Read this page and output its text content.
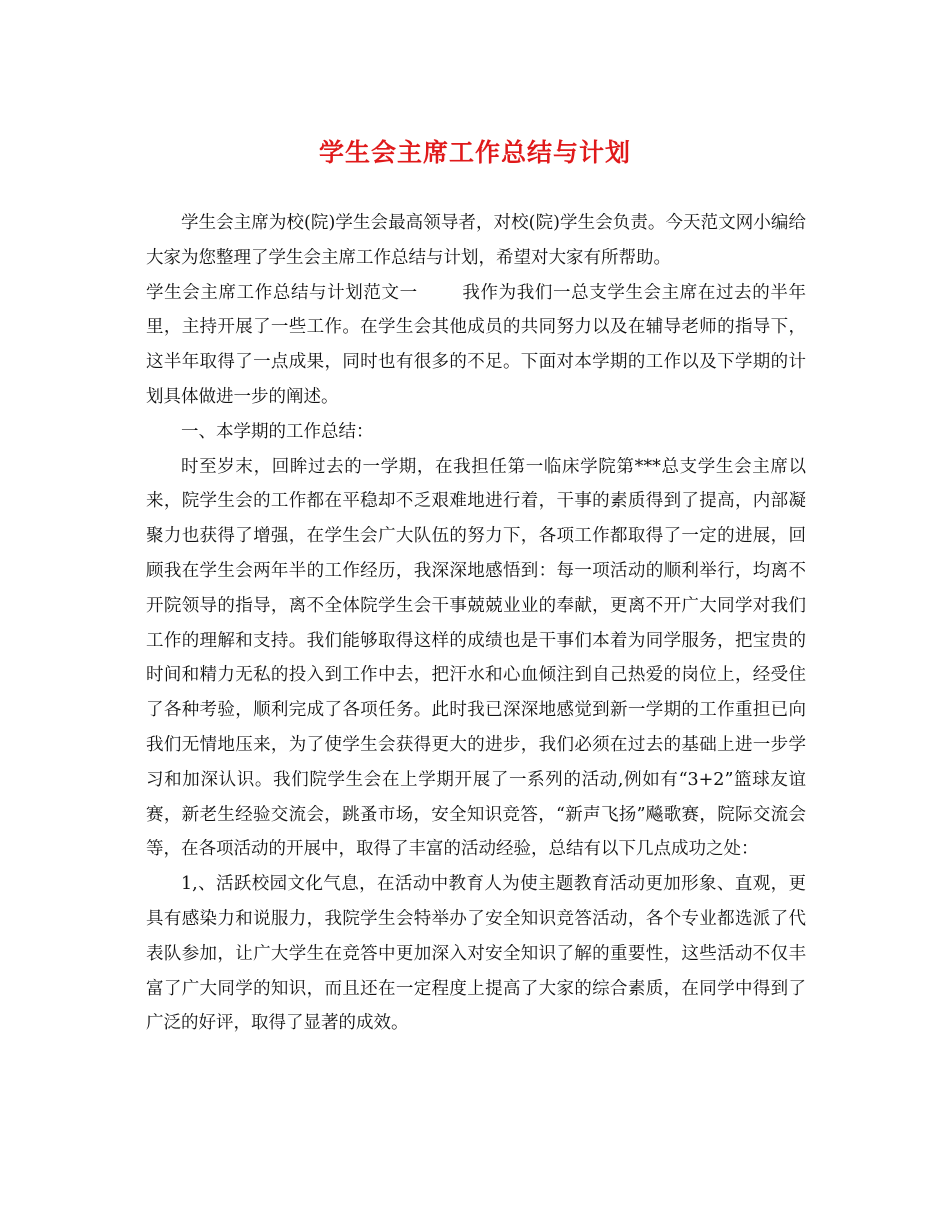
学生会主席工作总结与计划

学生会主席为校(院)学生会最高领导者，对校(院)学生会负责。今天范文网小编给大家为您整理了学生会主席工作总结与计划，希望对大家有所帮助。

学生会主席工作总结与计划范文一	我作为我们一总支学生会主席在过去的半年里，主持开展了一些工作。在学生会其他成员的共同努力以及在辅导老师的指导下，这半年取得了一点成果，同时也有很多的不足。下面对本学期的工作以及下学期的计划具体做进一步的阐述。

一、本学期的工作总结：

时至岁末，回眸过去的一学期，在我担任第一临床学院第***总支学生会主席以来，院学生会的工作都在平稳却不乏艰难地进行着，干事的素质得到了提高，内部凝聚力也获得了增强，在学生会广大队伍的努力下，各项工作都取得了一定的进展，回顾我在学生会两年半的工作经历，我深深地感悟到：每一项活动的顺利举行，均离不开院领导的指导，离不全体院学生会干事兢兢业业的奉献，更离不开广大同学对我们工作的理解和支持。我们能够取得这样的成绩也是干事们本着为同学服务，把宝贵的时间和精力无私的投入到工作中去，把汗水和心血倾注到自己热爱的岗位上，经受住了各种考验，顺利完成了各项任务。此时我已深深地感觉到新一学期的工作重担已向我们无情地压来，为了使学生会获得更大的进步，我们必须在过去的基础上进一步学习和加深认识。我们院学生会在上学期开展了一系列的活动,例如有“3+2”篮球友谊赛，新老生经验交流会，跳蚤市场，安全知识竞答，“新声飞扬”飚歌赛，院际交流会等，在各项活动的开展中，取得了丰富的活动经验，总结有以下几点成功之处：

1,、活跃校园文化气息，在活动中教育人为使主题教育活动更加形象、直观，更具有感染力和说服力，我院学生会特举办了安全知识竞答活动，各个专业都选派了代表队参加，让广大学生在竞答中更加深入对安全知识了解的重要性，这些活动不仅丰富了广大同学的知识，而且还在一定程度上提高了大家的综合素质，在同学中得到了广泛的好评，取得了显著的成效。
